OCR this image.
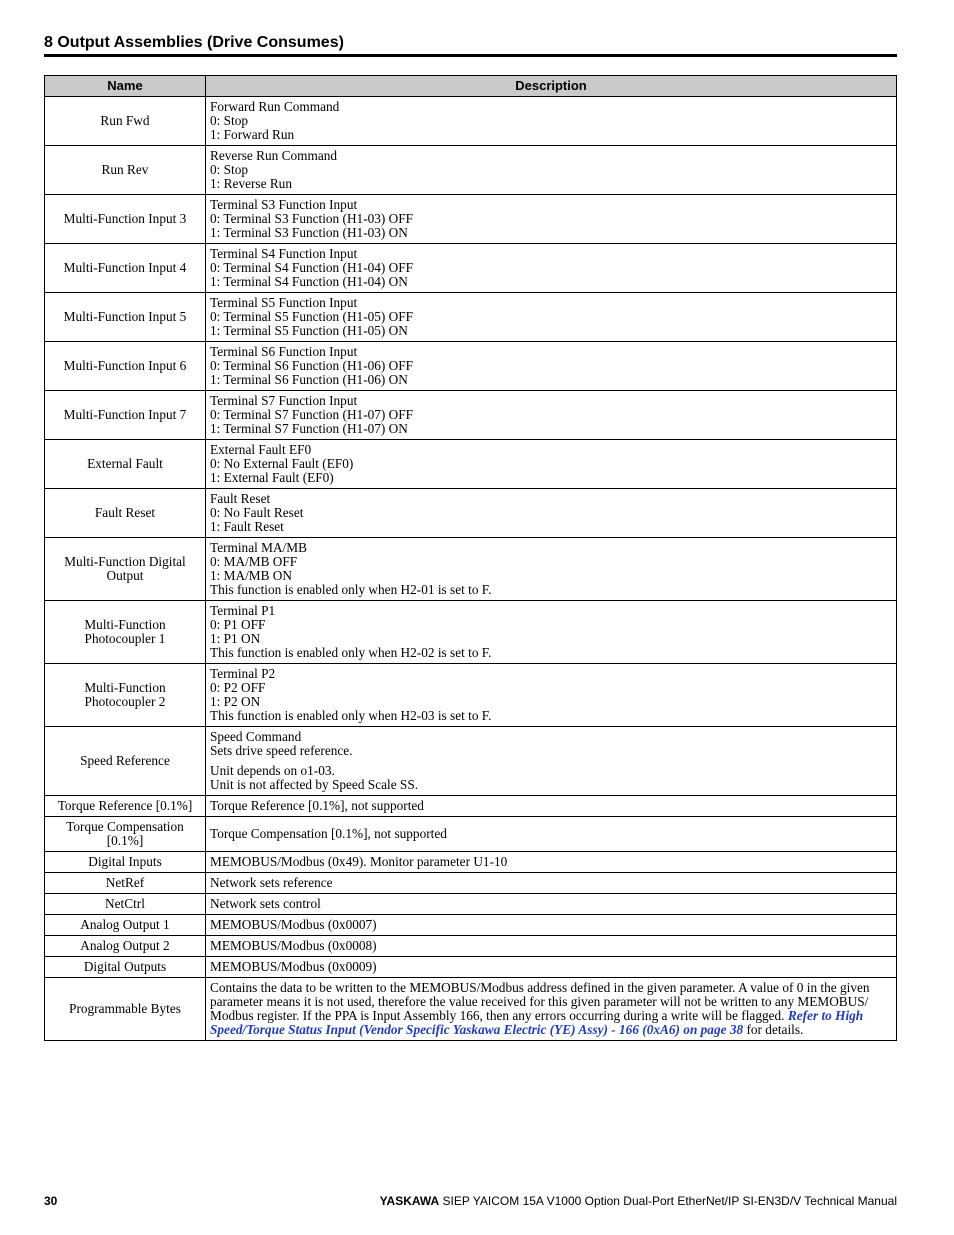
8 Output Assemblies (Drive Consumes)
Name	Description

Run Fwd	Forward Run Command
0: Stop
1: Forward Run

Run Rev	Reverse Run Command
0: Stop
1: Reverse Run

Multi-Function Input 3	Terminal S3 Function Input
0: Terminal S3 Function (H1-03) OFF
1: Terminal S3 Function (H1-03) ON

Multi-Function Input 4	Terminal S4 Function Input
0: Terminal S4 Function (H1-04) OFF
1: Terminal S4 Function (H1-04) ON

Multi-Function Input 5	Terminal S5 Function Input
0: Terminal S5 Function (H1-05) OFF
1: Terminal S5 Function (H1-05) ON

Multi-Function Input 6	Terminal S6 Function Input
0: Terminal S6 Function (H1-06) OFF
1: Terminal S6 Function (H1-06) ON

Multi-Function Input 7	Terminal S7 Function Input
0: Terminal S7 Function (H1-07) OFF
1: Terminal S7 Function (H1-07) ON

External Fault	External Fault EF0
0: No External Fault (EF0)
1: External Fault (EF0)

Fault Reset	Fault Reset
0: No Fault Reset
1: Fault Reset

Multi-Function Digital
Output	Terminal MA/MB
0: MA/MB OFF
1: MA/MB ON
This function is enabled only when H2-01 is set to F.

Multi-Function
Photocoupler 1	Terminal P1
0: P1 OFF
1: P1 ON
This function is enabled only when H2-02 is set to F.

Multi-Function
Photocoupler 2	Terminal P2
0: P2 OFF
1: P2 ON
This function is enabled only when H2-03 is set to F.

Speed Reference	Speed Command
Sets drive speed reference.
Unit depends on o1-03.
Unit is not affected by Speed Scale SS.

Torque Reference [0.1%]	Torque Reference [0.1%], not supported

Torque Compensation
[0.1%]	Torque Compensation [0.1%], not supported

Digital Inputs	MEMOBUS/Modbus (0x49). Monitor parameter U1-10

NetRef	Network sets reference

NetCtrl	Network sets control

Analog Output 1	MEMOBUS/Modbus (0x0007)

Analog Output 2	MEMOBUS/Modbus (0x0008)

Digital Outputs	MEMOBUS/Modbus (0x0009)

Programmable Bytes	Contains the data to be written to the MEMOBUS/Modbus address defined in the given parameter. A value of 0 in the given parameter means it is not used, therefore the value received for this given parameter will not be written to any MEMOBUS/ Modbus register. If the PPA is Input Assembly 166, then any errors occurring during a write will be flagged. Refer to High Speed/Torque Status Input (Vendor Specific Yaskawa Electric (YE) Assy) - 166 (0xA6) on page 38 for details.
30	YASKAWA SIEP YAICOM 15A V1000 Option Dual-Port EtherNet/IP SI-EN3D/V Technical Manual
